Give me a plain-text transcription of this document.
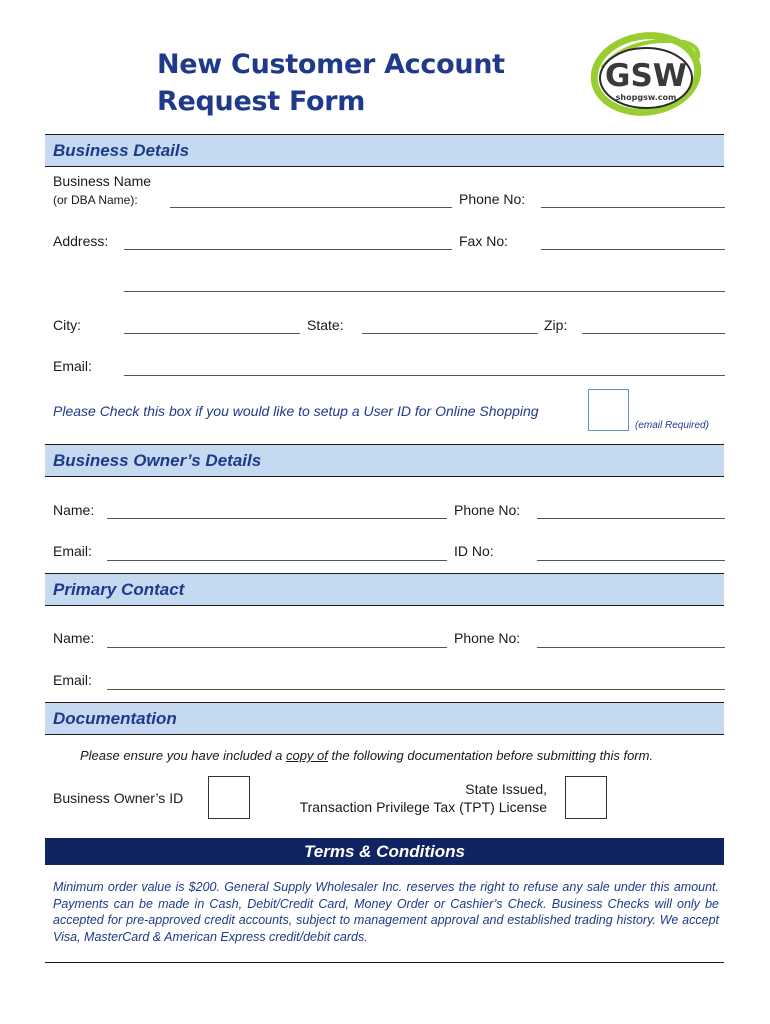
New Customer Account
Request Form
GSW
shopgsw.com
Business Details
Business Name
(or DBA Name):	Phone No:
Address:	Fax No:
City:	State:	Zip:
Email:
Please Check this box if you would like to setup a User ID for Online Shopping
(email Required)
Business Owner’s Details
Name:	Phone No:
Email:	ID No:
Primary Contact
Name:	Phone No:
Email:
Documentation
Please ensure you have included a copy of the following documentation before submitting this form.
Business Owner’s ID
State Issued,
Transaction Privilege Tax (TPT) License
Terms & Conditions
Minimum order value is $200. General Supply Wholesaler Inc. reserves the right to refuse any sale under this amount. Payments can be made in Cash, Debit/Credit Card, Money Order or Cashier’s Check. Business Checks will only be accepted for pre-approved credit accounts, subject to management approval and established trading history. We accept Visa, MasterCard & American Express credit/debit cards.
